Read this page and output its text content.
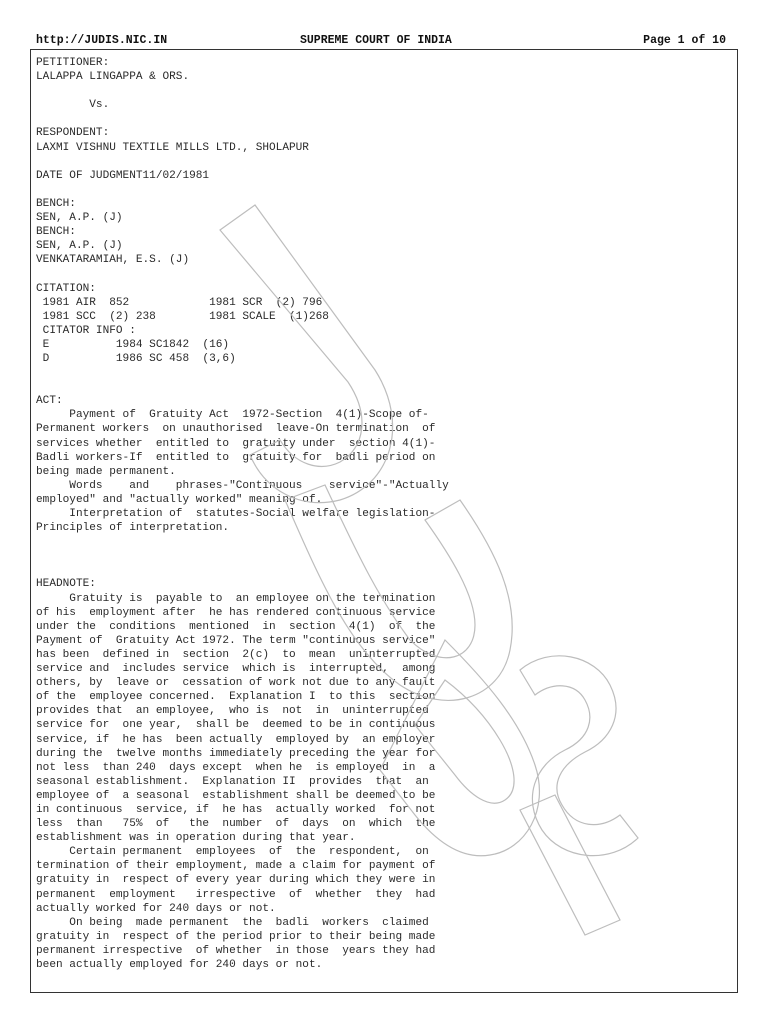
http://JUDIS.NIC.IN	SUPREME COURT OF INDIA	Page 1 of 10
PETITIONER:
LALAPPA LINGAPPA & ORS.

Vs.

RESPONDENT:
LAXMI VISHNU TEXTILE MILLS LTD., SHOLAPUR

DATE OF JUDGMENT11/02/1981

BENCH:
SEN, A.P. (J)
BENCH:
SEN, A.P. (J)
VENKATARAMIAH, E.S. (J)

CITATION:
1981 AIR  852            1981 SCR  (2) 796
1981 SCC  (2) 238        1981 SCALE  (1)268
CITATOR INFO :
E          1984 SC1842  (16)
D          1986 SC 458  (3,6)

ACT:
Payment of  Gratuity Act  1972-Section  4(1)-Scope of-
Permanent workers  on unauthorised  leave-On termination  of
services whether  entitled to  gratuity under  section 4(1)-
Badli workers-If  entitled to  gratuity for  badli period on
being made permanent.
Words    and    phrases-"Continuous    service"-"Actually
employed" and "actually worked" meaning of.
Interpretation of  statutes-Social welfare legislation-
Principles of interpretation.

HEADNOTE:
Gratuity is  payable to  an employee on the termination
of his  employment after  he has rendered continuous service
under the  conditions  mentioned  in  section  4(1)  of  the
Payment of  Gratuity Act 1972. The term "continuous service"
has been  defined in  section  2(c)  to  mean  uninterrupted
service and  includes service  which is  interrupted,  among
others, by  leave or  cessation of work not due to any fault
of the  employee concerned.  Explanation I  to this  section
provides that  an employee,  who is  not  in  uninterrupted
service for  one year,  shall be  deemed to be in continuous
service, if  he has  been actually  employed by  an employer
during the  twelve months immediately preceding the year for
not less  than 240  days except  when he  is employed  in  a
seasonal establishment.  Explanation II  provides  that  an
employee of  a seasonal  establishment shall be deemed to be
in continuous  service, if  he has  actually worked  for not
less  than   75%  of   the  number  of  days  on  which  the
establishment was in operation during that year.
Certain permanent  employees  of  the  respondent,  on
termination of their employment, made a claim for payment of
gratuity in  respect of every year during which they were in
permanent  employment   irrespective  of  whether  they  had
actually worked for 240 days or not.
On being  made permanent  the  badli  workers  claimed
gratuity in  respect of the period prior to their being made
permanent irrespective  of whether  in those  years they had
been actually employed for 240 days or not.
